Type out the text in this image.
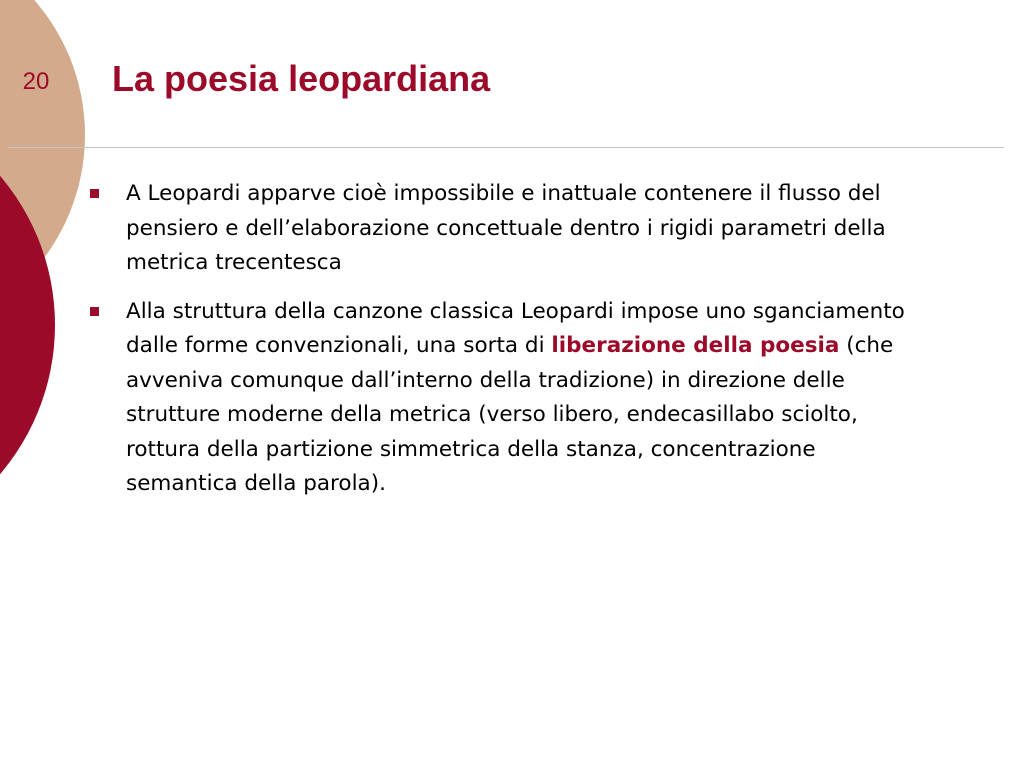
20 La poesia leopardiana
A Leopardi apparve cioè impossibile e inattuale contenere il flusso del pensiero e dell’elaborazione concettuale dentro i rigidi parametri della metrica trecentesca
Alla struttura della canzone classica Leopardi impose uno sganciamento dalle forme convenzionali, una sorta di liberazione della poesia (che avveniva comunque dall’interno della tradizione) in direzione delle strutture moderne della metrica (verso libero, endecasillabo sciolto, rottura della partizione simmetrica della stanza, concentrazione semantica della parola).
